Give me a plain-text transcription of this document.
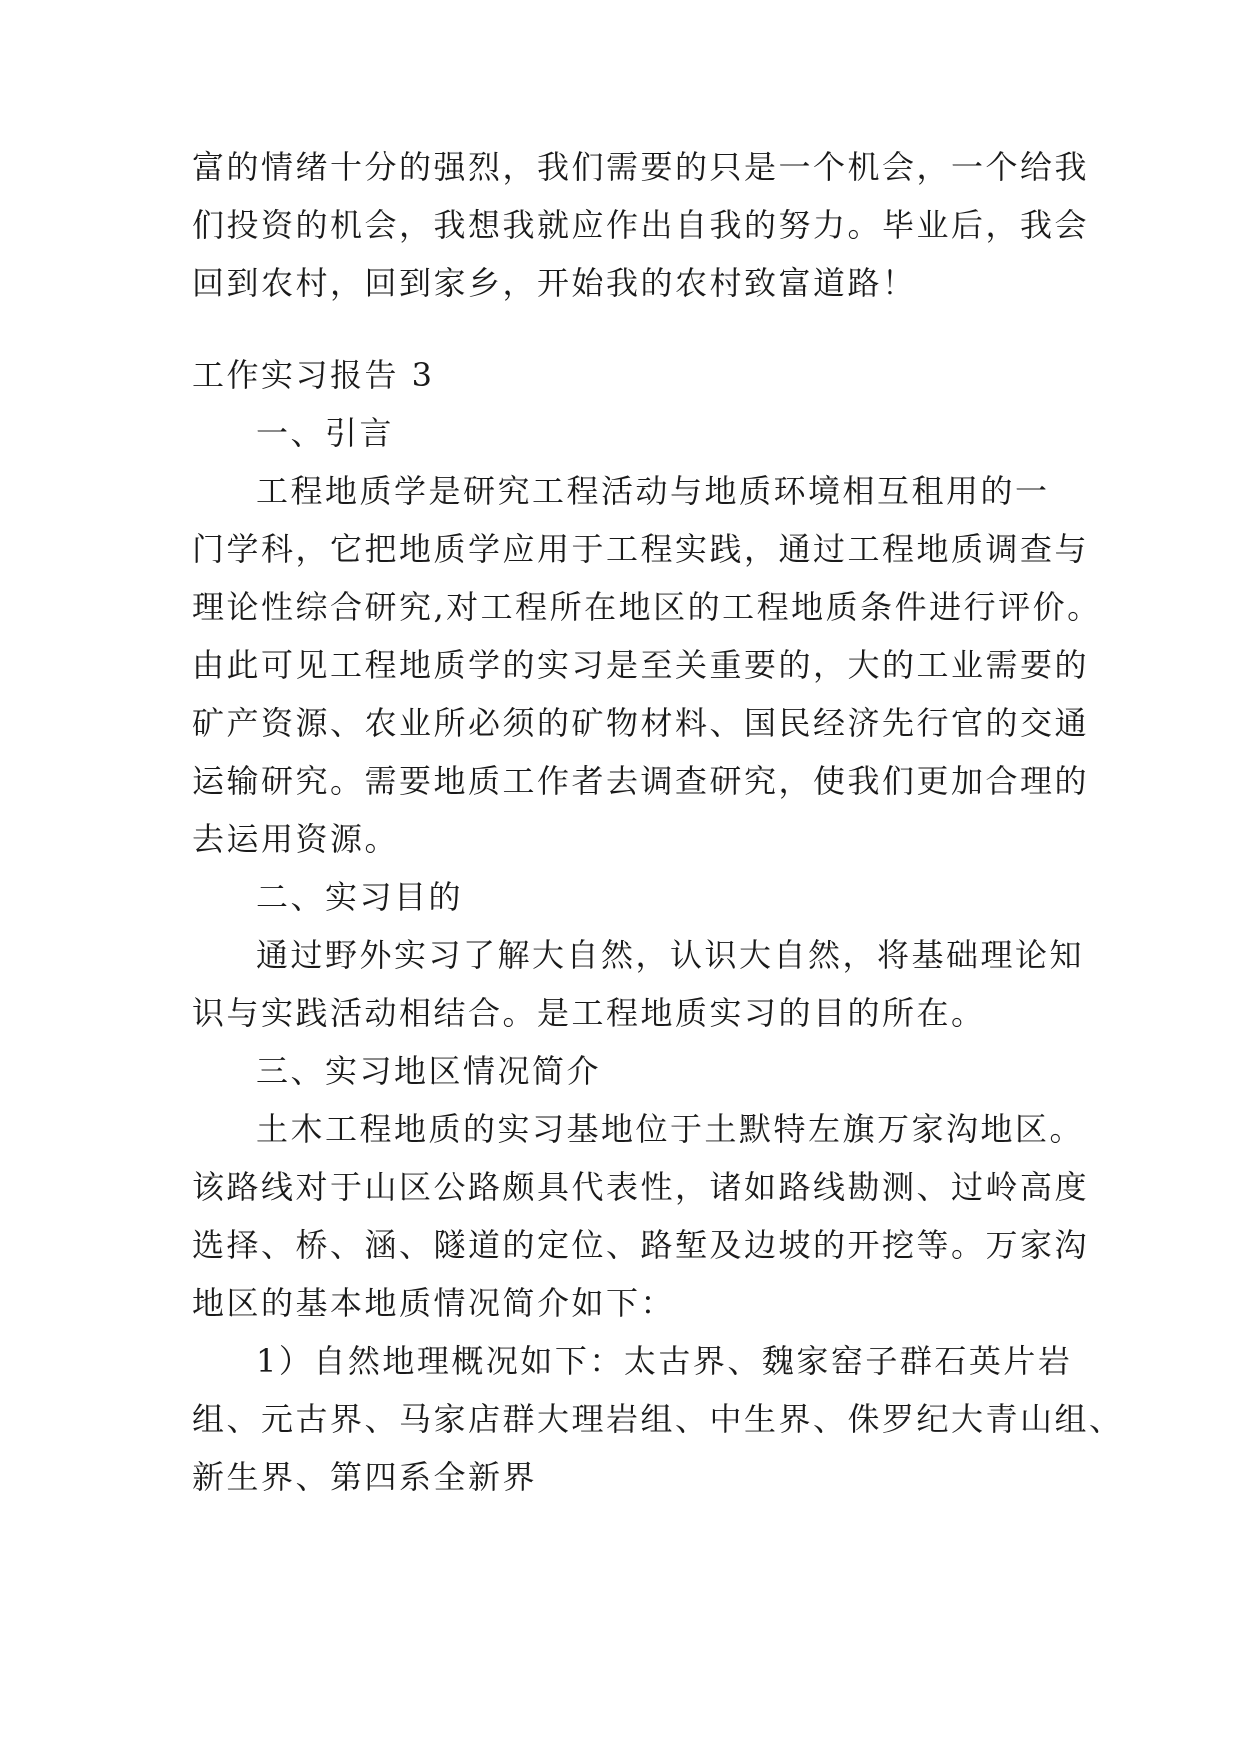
富的情绪十分的强烈，我们需要的只是一个机会，一个给我
们投资的机会，我想我就应作出自我的努力。毕业后，我会
回到农村，回到家乡，开始我的农村致富道路！
工作实习报告 3
一、引言
工程地质学是研究工程活动与地质环境相互租用的一
门学科，它把地质学应用于工程实践，通过工程地质调查与
理论性综合研究,对工程所在地区的工程地质条件进行评价。
由此可见工程地质学的实习是至关重要的，大的工业需要的
矿产资源、农业所必须的矿物材料、国民经济先行官的交通
运输研究。需要地质工作者去调查研究，使我们更加合理的
去运用资源。
二、实习目的
通过野外实习了解大自然，认识大自然，将基础理论知
识与实践活动相结合。是工程地质实习的目的所在。
三、实习地区情况简介
土木工程地质的实习基地位于土默特左旗万家沟地区。
该路线对于山区公路颇具代表性，诸如路线勘测、过岭高度
选择、桥、涵、隧道的定位、路堑及边坡的开挖等。万家沟
地区的基本地质情况简介如下：
1）自然地理概况如下：太古界、魏家窑子群石英片岩
组、元古界、马家店群大理岩组、中生界、侏罗纪大青山组、
新生界、第四系全新界
